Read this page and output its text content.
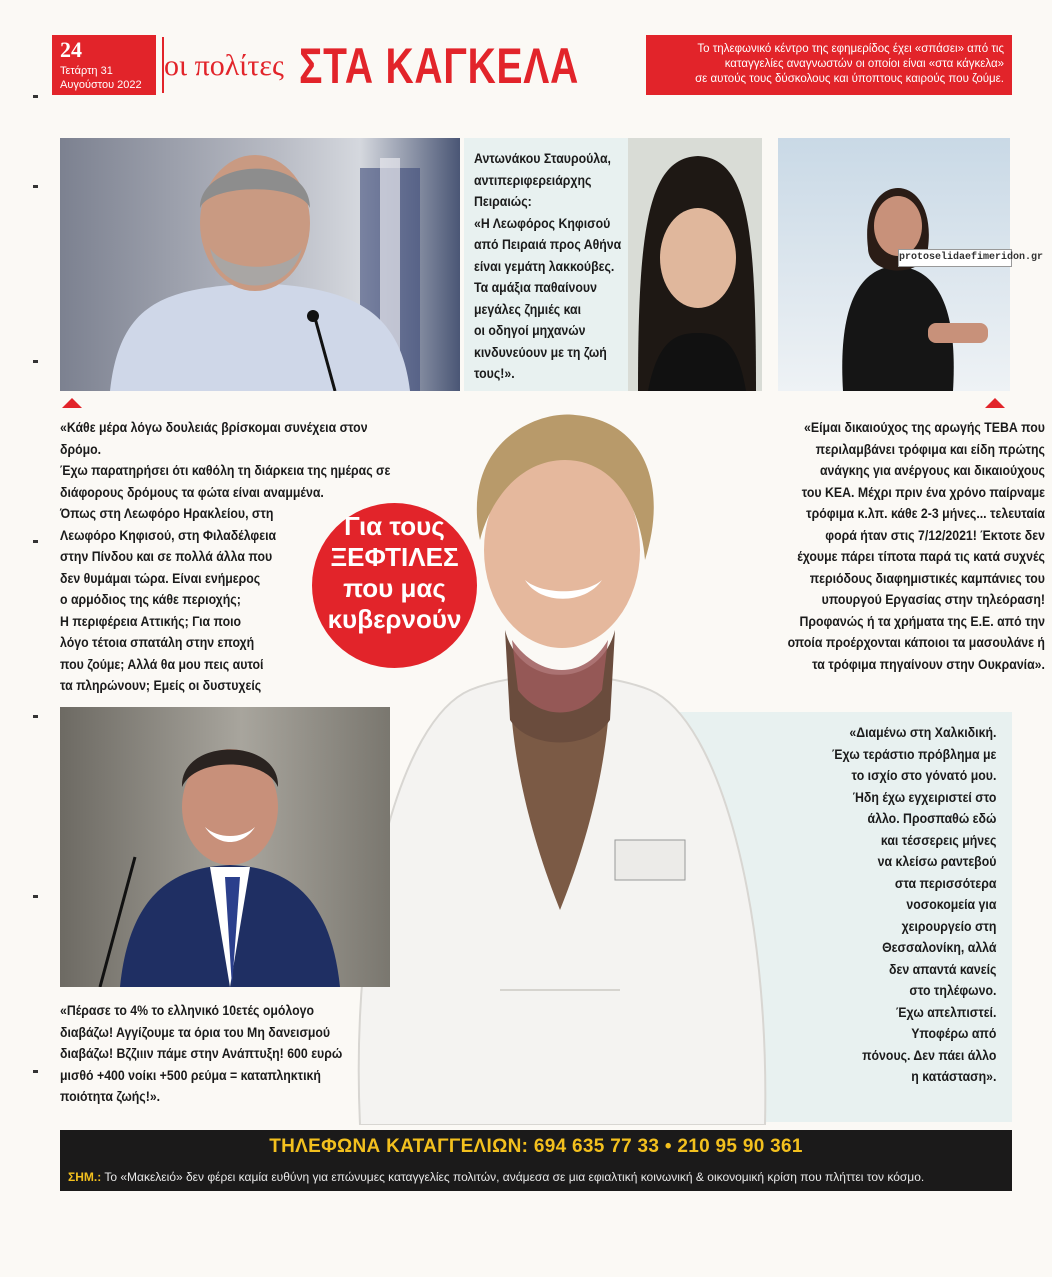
24
Τετάρτη 31
Αυγούστου 2022
οι πολίτες ΣΤΑ ΚΑΓΚΕΛΑ	Το τηλεφωνικό κέντρο της εφημερίδος έχει «σπάσει» από τις
καταγγελίες αναγνωστών οι οποίοι είναι «στα κάγκελα»
σε αυτούς τους δύσκολους και ύποπτους καιρούς που ζούμε.
Αντωνάκου Σταυρούλα,
αντιπεριφερειάρχης
Πειραιώς:
«Η Λεωφόρος Κηφισού
από Πειραιά προς Αθήνα
είναι γεμάτη λακκούβες.
Τα αμάξια παθαίνουν
μεγάλες ζημιές και
οι οδηγοί μηχανών
κινδυνεύουν με τη ζωή
τους!».
protoselidaefimeridon.gr
«Κάθε μέρα λόγω δουλειάς βρίσκομαι συνέχεια στον δρόμο.
Έχω παρατηρήσει ότι καθόλη τη διάρκεια της ημέρας σε
διάφορους δρόμους τα φώτα είναι αναμμένα.
Όπως στη Λεωφόρο Ηρακλείου, στη
Λεωφόρο Κηφισού, στη Φιλαδέλφεια
στην Πίνδου και σε πολλά άλλα που
δεν θυμάμαι τώρα. Είναι ενήμερος
ο αρμόδιος της κάθε περιοχής;
Η περιφέρεια Αττικής; Για ποιο
λόγο τέτοια σπατάλη στην εποχή
που ζούμε; Αλλά θα μου πεις αυτοί
τα πληρώνουν; Εμείς οι δυστυχείς
«Είμαι δικαιούχος της αρωγής ΤΕΒΑ που
περιλαμβάνει τρόφιμα και είδη πρώτης
ανάγκης για ανέργους και δικαιούχους
του ΚΕΑ. Μέχρι πριν ένα χρόνο παίρναμε
τρόφιμα κ.λπ. κάθε 2-3 μήνες... τελευταία
φορά ήταν στις 7/12/2021! Έκτοτε δεν
έχουμε πάρει τίποτα παρά τις κατά συχνές
περιόδους διαφημιστικές καμπάνιες του
υπουργού Εργασίας στην τηλεόραση!
Προφανώς ή τα χρήματα της Ε.Ε. από την
οποία προέρχονται κάποιοι τα μασουλάνε ή
τα τρόφιμα πηγαίνουν στην Ουκρανία».
Για τους
ΞΕΦΤΙΛΕΣ
που μας
κυβερνούν
«Διαμένω στη Χαλκιδική.
Έχω τεράστιο πρόβλημα με
το ισχίο στο γόνατό μου.
Ήδη έχω εγχειριστεί στο
άλλο. Προσπαθώ εδώ
και τέσσερεις μήνες
να κλείσω ραντεβού
στα περισσότερα
νοσοκομεία για
χειρουργείο στη
Θεσσαλονίκη, αλλά
δεν απαντά κανείς
στο τηλέφωνο.
Έχω απελπιστεί.
Υποφέρω από
πόνους. Δεν πάει άλλο
η κατάσταση».
«Πέρασε το 4% το ελληνικό 10ετές ομόλογο
διαβάζω! Αγγίζουμε τα όρια του Μη δανεισμού
διαβάζω! Βζζιιιν πάμε στην Ανάπτυξη! 600 ευρώ
μισθό +400 νοίκι +500 ρεύμα = καταπληκτική
ποιότητα ζωής!».
ΤΗΛΕΦΩΝΑ ΚΑΤΑΓΓΕΛΙΩΝ: 694 635 77 33 • 210 95 90 361
ΣΗΜ.: Το «Μακελειό» δεν φέρει καμία ευθύνη για επώνυμες καταγγελίες πολιτών, ανάμεσα σε μια εφιαλτική κοινωνική & οικονομική κρίση που πλήττει τον κόσμο.
